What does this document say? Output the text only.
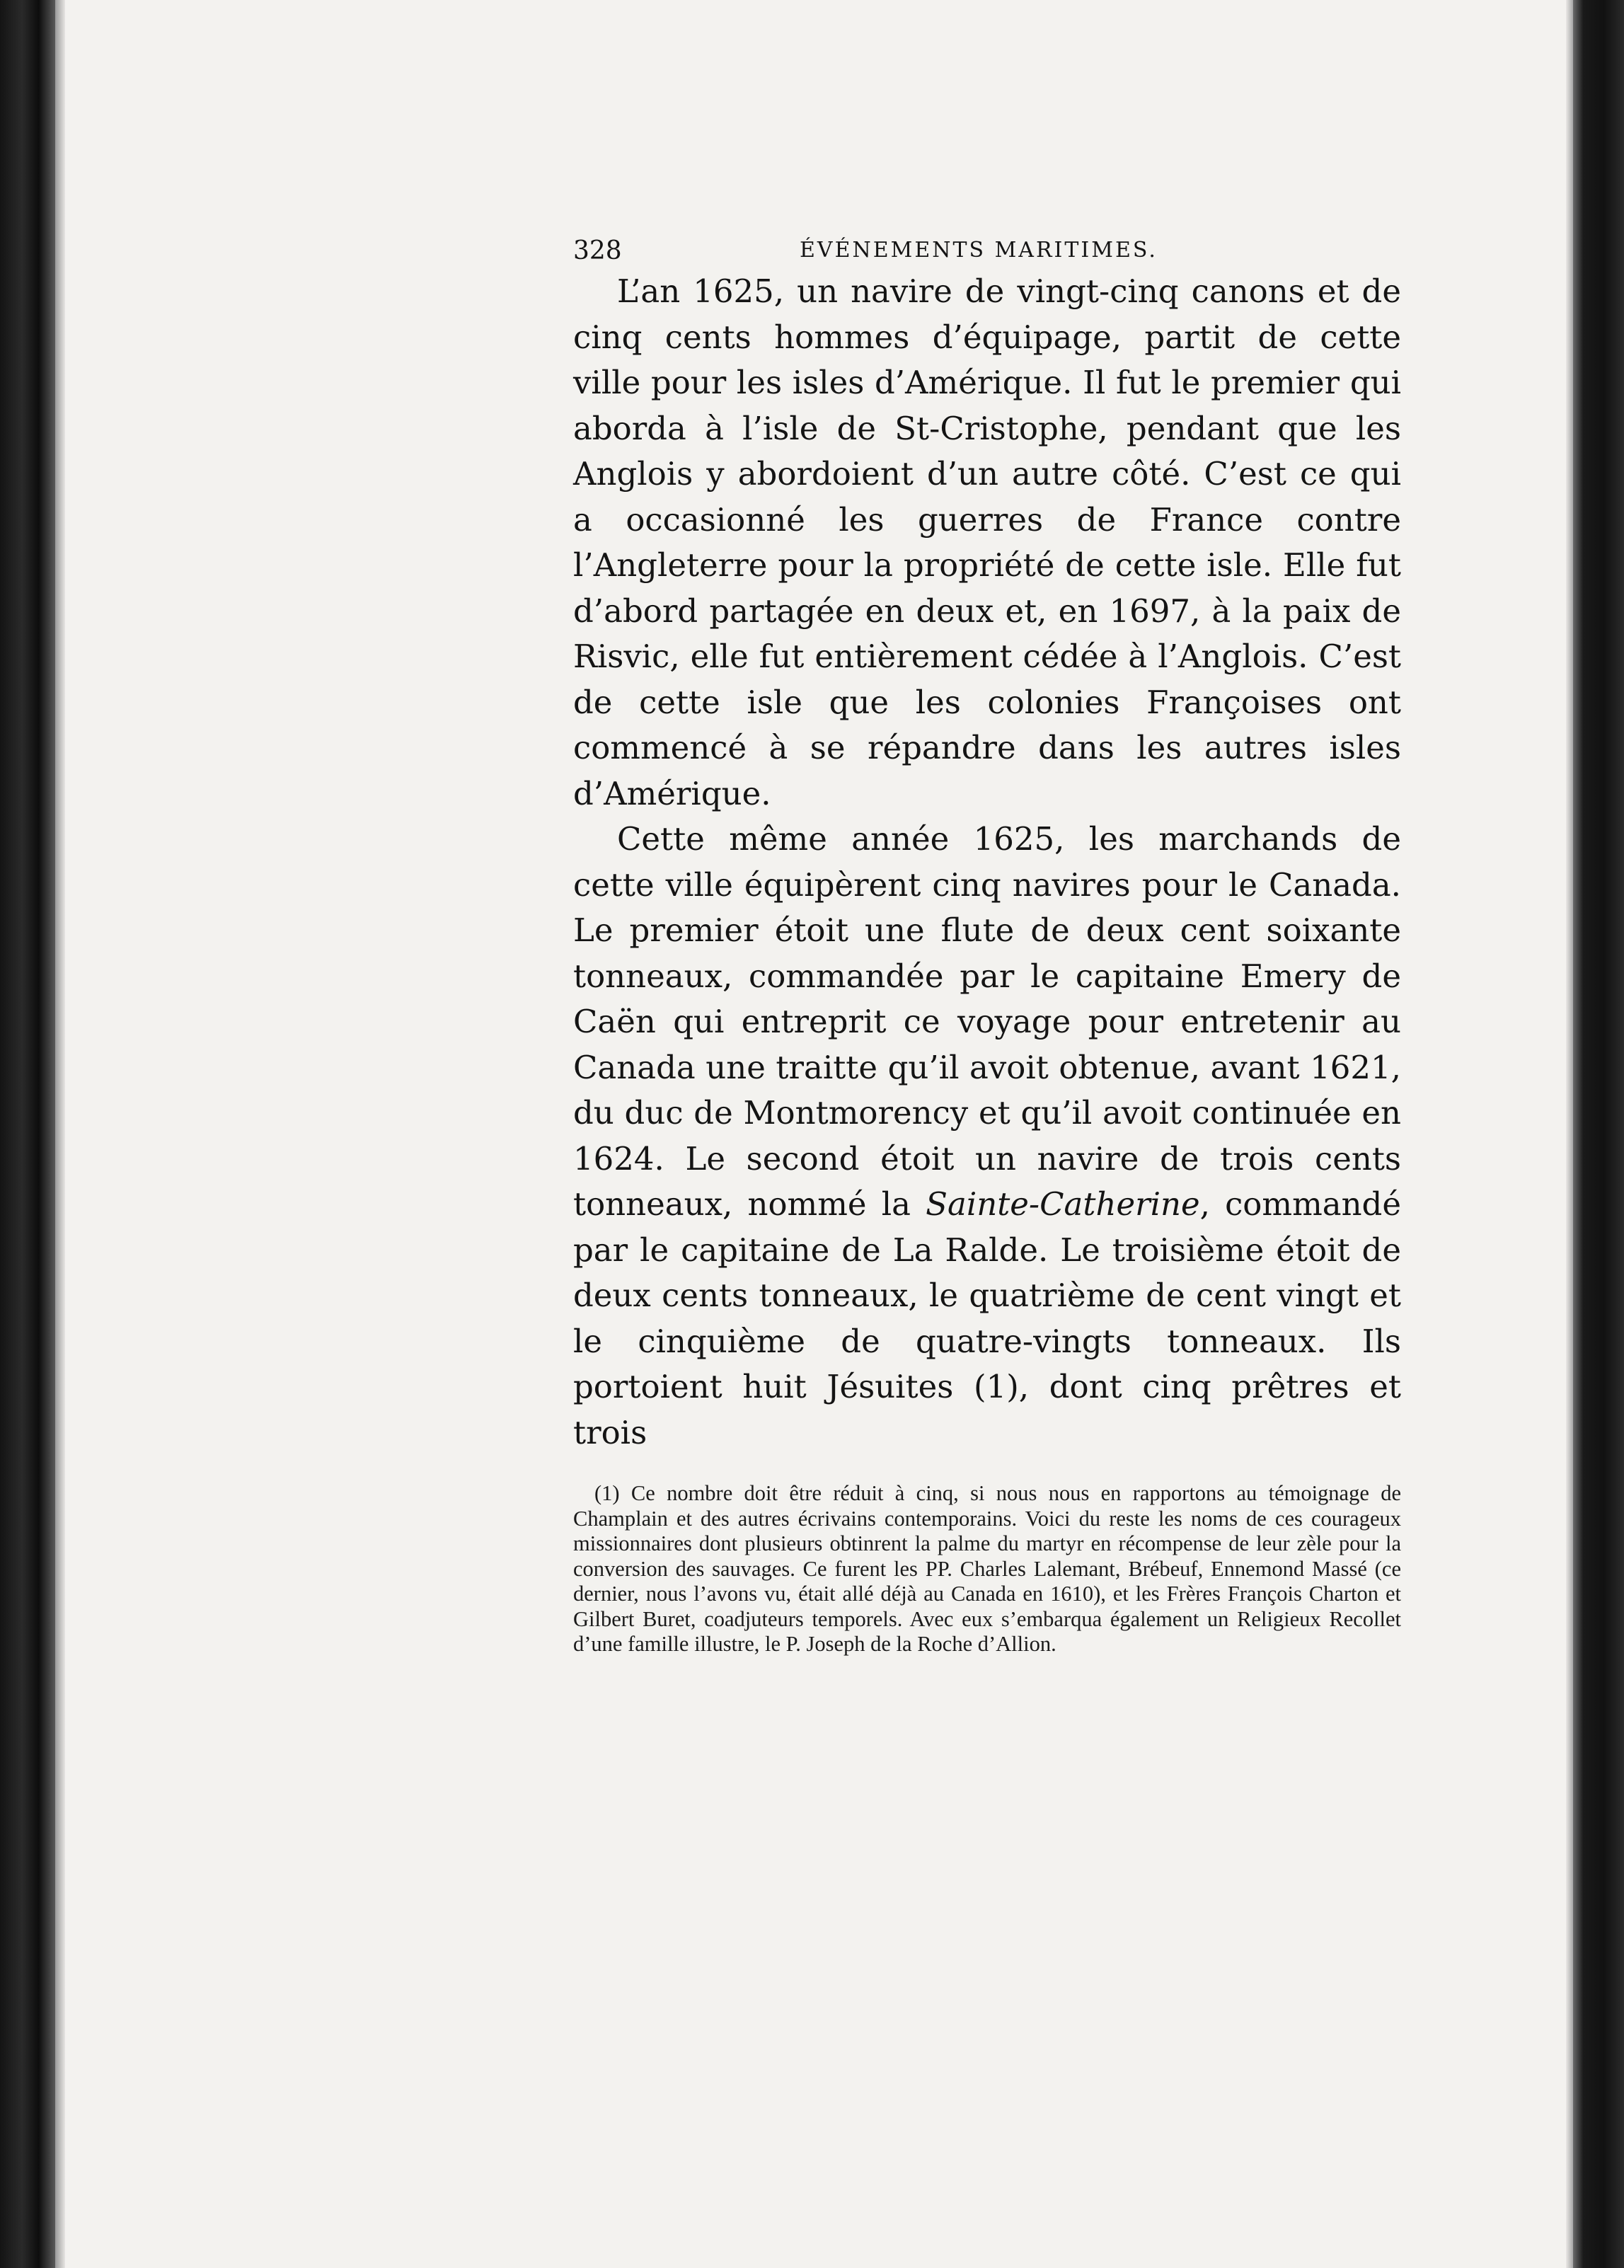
328	ÉVÉNEMENTS MARITIMES.

L’an 1625, un navire de vingt-cinq canons et de cinq cents hommes d’équipage, partit de cette ville pour les isles d’Amérique. Il fut le premier qui aborda à l’isle de St-Cristophe, pendant que les Anglois y abordoient d’un autre côté. C’est ce qui a occasionné les guerres de France contre l’Angleterre pour la propriété de cette isle. Elle fut d’abord partagée en deux et, en 1697, à la paix de Risvic, elle fut entièrement cédée à l’Anglois. C’est de cette isle que les colonies Françoises ont commencé à se répandre dans les autres isles d’Amérique.

Cette même année 1625, les marchands de cette ville équipèrent cinq navires pour le Canada. Le premier étoit une flute de deux cent soixante tonneaux, commandée par le capitaine Emery de Caën qui entreprit ce voyage pour entretenir au Canada une traitte qu’il avoit obtenue, avant 1621, du duc de Montmorency et qu’il avoit continuée en 1624. Le second étoit un navire de trois cents tonneaux, nommé la Sainte-Catherine, commandé par le capitaine de La Ralde. Le troisième étoit de deux cents tonneaux, le quatrième de cent vingt et le cinquième de quatre-vingts tonneaux. Ils portoient huit Jésuites (1), dont cinq prêtres et trois

(1) Ce nombre doit être réduit à cinq, si nous nous en rapportons au témoignage de Champlain et des autres écrivains contemporains. Voici du reste les noms de ces courageux missionnaires dont plusieurs obtinrent la palme du martyr en récompense de leur zèle pour la conversion des sauvages. Ce furent les PP. Charles Lalemant, Brébeuf, Ennemond Massé (ce dernier, nous l’avons vu, était allé déjà au Canada en 1610), et les Frères François Charton et Gilbert Buret, coadjuteurs temporels. Avec eux s’embarqua également un Religieux Recollet d’une famille illustre, le P. Joseph de la Roche d’Allion.
